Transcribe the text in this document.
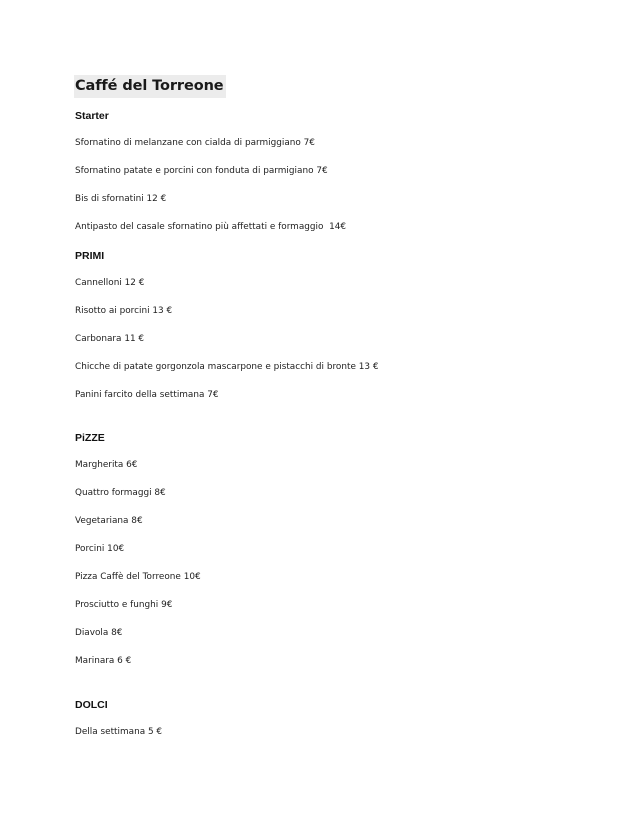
Caffé del Torreone
Starter
Sfornatino di melanzane con cialda di parmiggiano 7€
Sfornatino patate e porcini con fonduta di parmigiano 7€
Bis di sfornatini 12 €
Antipasto del casale sfornatino più affettati e formaggio  14€
PRIMI
Cannelloni 12 €
Risotto ai porcini 13 €
Carbonara 11 €
Chicche di patate gorgonzola mascarpone e pistacchi di bronte 13 €
Panini farcito della settimana 7€
PiZZE
Margherita 6€
Quattro formaggi 8€
Vegetariana 8€
Porcini 10€
Pizza Caffè del Torreone 10€
Prosciutto e funghi 9€
Diavola 8€
Marinara 6 €
DOLCI
Della settimana 5 €
